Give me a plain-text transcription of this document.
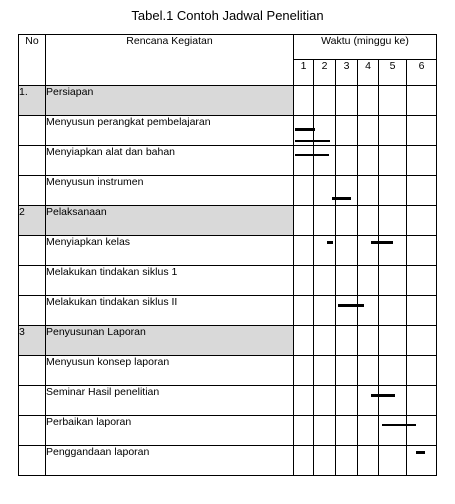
Tabel.1 Contoh Jadwal Penelitian
No	Rencana Kegiatan	Waktu (minggu ke)					
		1	2	3	4	5	6
1.	Persiapan						
	Menyusun perangkat pembelajaran	

	Menyiapkan alat dan bahan	

	Menyusun instrumen		

2	Pelaksanaan						
	Menyiapkan kelas		

	Melakukan tindakan siklus 1						
	Melakukan tindakan siklus II			

3	Penyusunan Laporan						
	Menyusun konsep laporan						
	Seminar Hasil penelitian				

	Perbaikan laporan					

	Penggandaan laporan						
